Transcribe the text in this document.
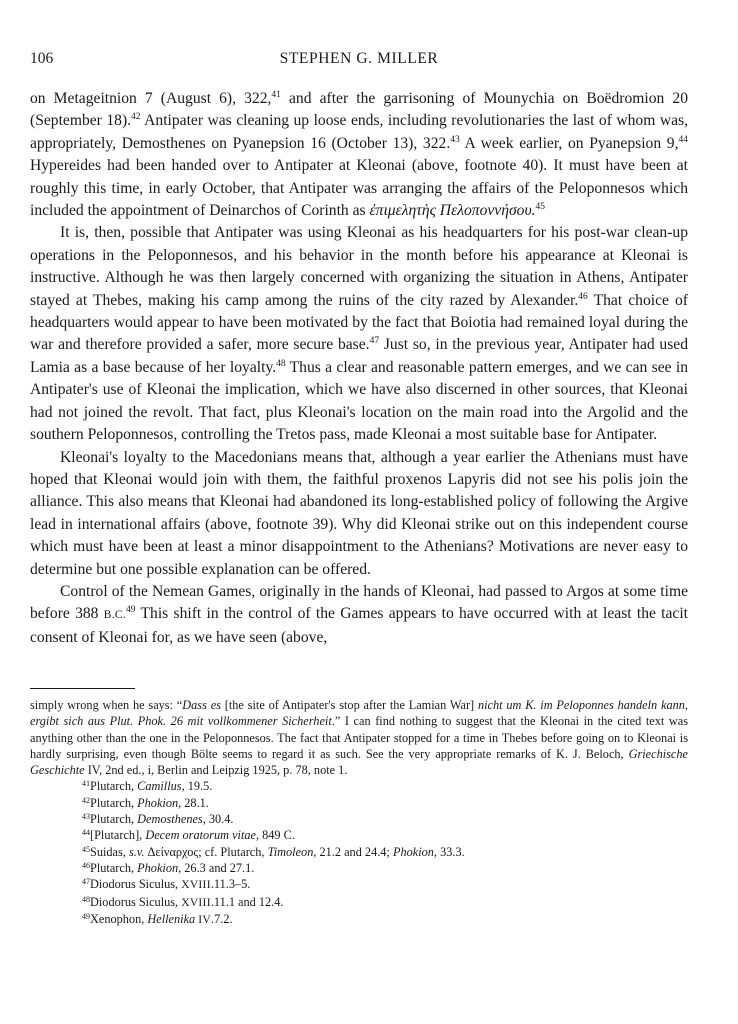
106	STEPHEN G. MILLER

on Metageitnion 7 (August 6), 322,41 and after the garrisoning of Mounychia on Boëdromion 20 (September 18).$^{42}$ Antipater was cleaning up loose ends, including revolutionaries the last of whom was, appropriately, Demosthenes on Pyanepsion 16 (October 13), 322.43 A week earlier, on Pyanepsion 9,44 Hypereides had been handed over to Antipater at Kleonai (above, footnote 40). It must have been at roughly this time, in early October, that Antipater was arranging the affairs of the Peloponnesos which included the appointment of Deinarchos of Corinth as ἐπιμελητὴς Πελοποννήσου.$^{45}$

It is, then, possible that Antipater was using Kleonai as his headquarters for his post-war clean-up operations in the Peloponnesos, and his behavior in the month before his appearance at Kleonai is instructive. Although he was then largely concerned with organizing the situation in Athens, Antipater stayed at Thebes, making his camp among the ruins of the city razed by Alexander.$^{46}$ That choice of headquarters would appear to have been motivated by the fact that Boiotia had remained loyal during the war and therefore provided a safer, more secure base.$^{47}$ Just so, in the previous year, Antipater had used Lamia as a base because of her loyalty.$^{48}$ Thus a clear and reasonable pattern emerges, and we can see in Antipater's use of Kleonai the implication, which we have also discerned in other sources, that Kleonai had not joined the revolt. That fact, plus Kleonai's location on the main road into the Argolid and the southern Peloponnesos, controlling the Tretos pass, made Kleonai a most suitable base for Antipater.

Kleonai's loyalty to the Macedonians means that, although a year earlier the Athenians must have hoped that Kleonai would join with them, the faithful proxenos Lapyris did not see his polis join the alliance. This also means that Kleonai had abandoned its long-established policy of following the Argive lead in international affairs (above, footnote 39). Why did Kleonai strike out on this independent course which must have been at least a minor disappointment to the Athenians? Motivations are never easy to determine but one possible explanation can be offered.

Control of the Nemean Games, originally in the hands of Kleonai, had passed to Argos at some time before 388 B.C.$^{49}$ This shift in the control of the Games appears to have occurred with at least the tacit consent of Kleonai for, as we have seen (above,

simply wrong when he says: “Dass es [the site of Antipater's stop after the Lamian War] nicht um K. im Peloponnes handeln kann, ergibt sich aus Plut. Phok. 26 mit vollkommener Sicherheit.” I can find nothing to suggest that the Kleonai in the cited text was anything other than the one in the Peloponnesos. The fact that Antipater stopped for a time in Thebes before going on to Kleonai is hardly surprising, even though Bölte seems to regard it as such. See the very appropriate remarks of K. J. Beloch, Griechische Geschichte IV, 2nd ed., i, Berlin and Leipzig 1925, p. 78, note 1.

$^{41}$Plutarch, Camillus, 19.5.
$^{42}$Plutarch, Phokion, 28.1.
$^{43}$Plutarch, Demosthenes, 30.4.
$^{44}$[Plutarch], Decem oratorum vitae, 849 C.
$^{45}$Suidas, s.v. Δείναρχος; cf. Plutarch, Timoleon, 21.2 and 24.4; Phokion, 33.3.
$^{46}$Plutarch, Phokion, 26.3 and 27.1.
$^{47}$Diodorus Siculus, XVIII.11.3–5.
$^{48}$Diodorus Siculus, XVIII.11.1 and 12.4.
$^{49}$Xenophon, Hellenika IV.7.2.
